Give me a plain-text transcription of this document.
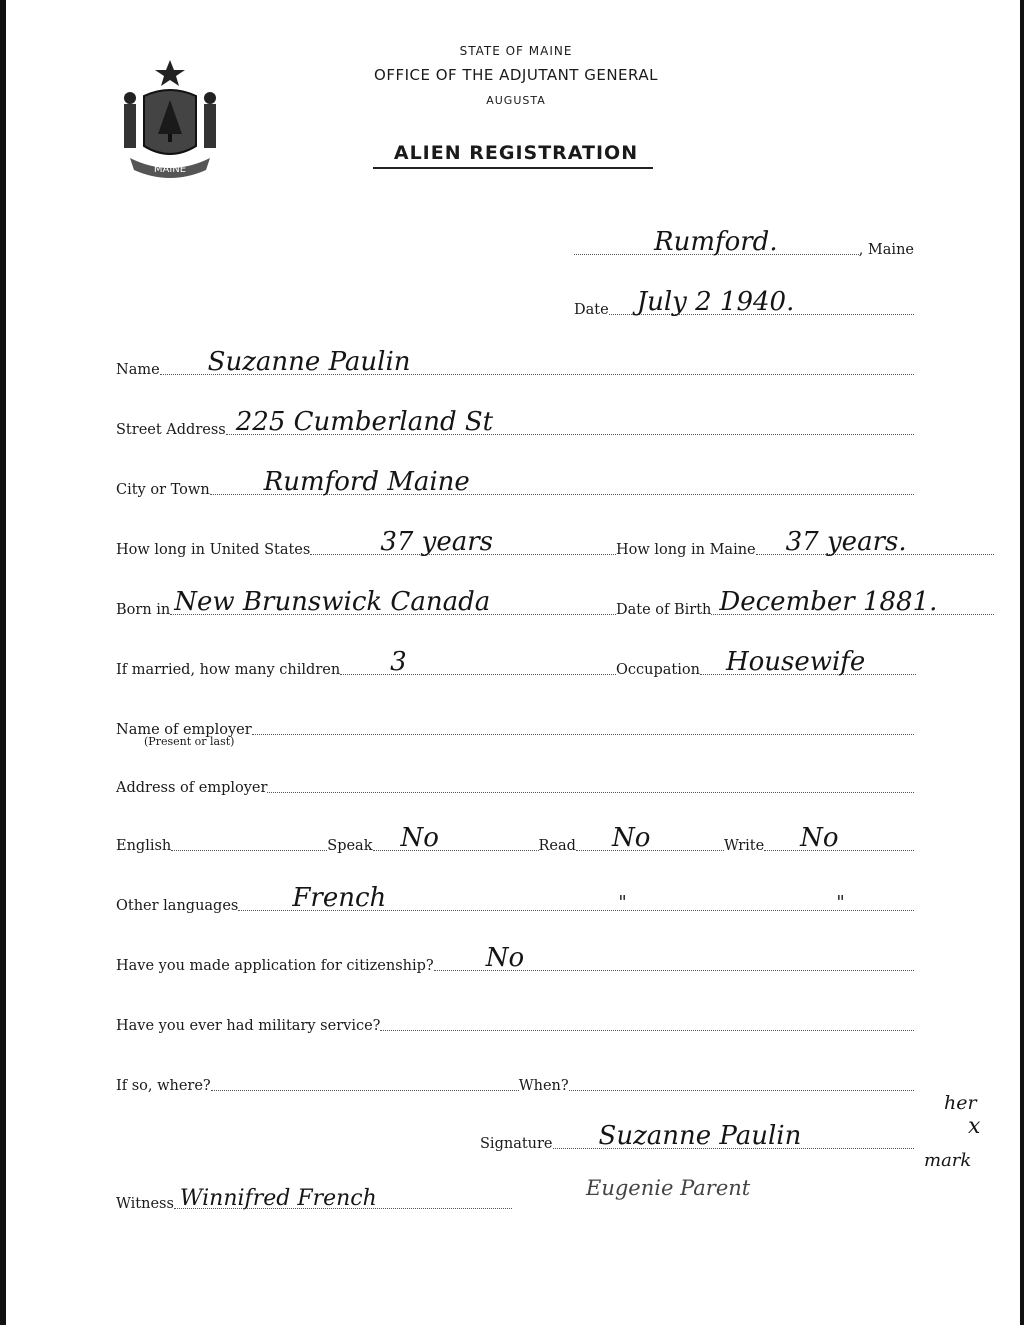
MAINE
STATE OF MAINE
OFFICE OF THE ADJUTANT GENERAL
AUGUSTA
ALIEN REGISTRATION
Rumford.	, Maine
Date July 2 1940.
Name Suzanne Paulin
Street Address 225 Cumberland St
City or Town Rumford Maine
How long in United States	37 years	How long in Maine 37 years.
Born in New Brunswick Canada	Date of Birth December 1881.
If married, how many children 3	Occupation Housewife
Name of employer
(Present or last)
Address of employer
English	Speak No	Read No	Write No
Other languages French	"	"
Have you made application for citizenship? No
Have you ever had military service?
If so, where?	When?
Signature Suzanne Paulin
her
x
mark
Witness Winnifred French	Eugenie Parent
